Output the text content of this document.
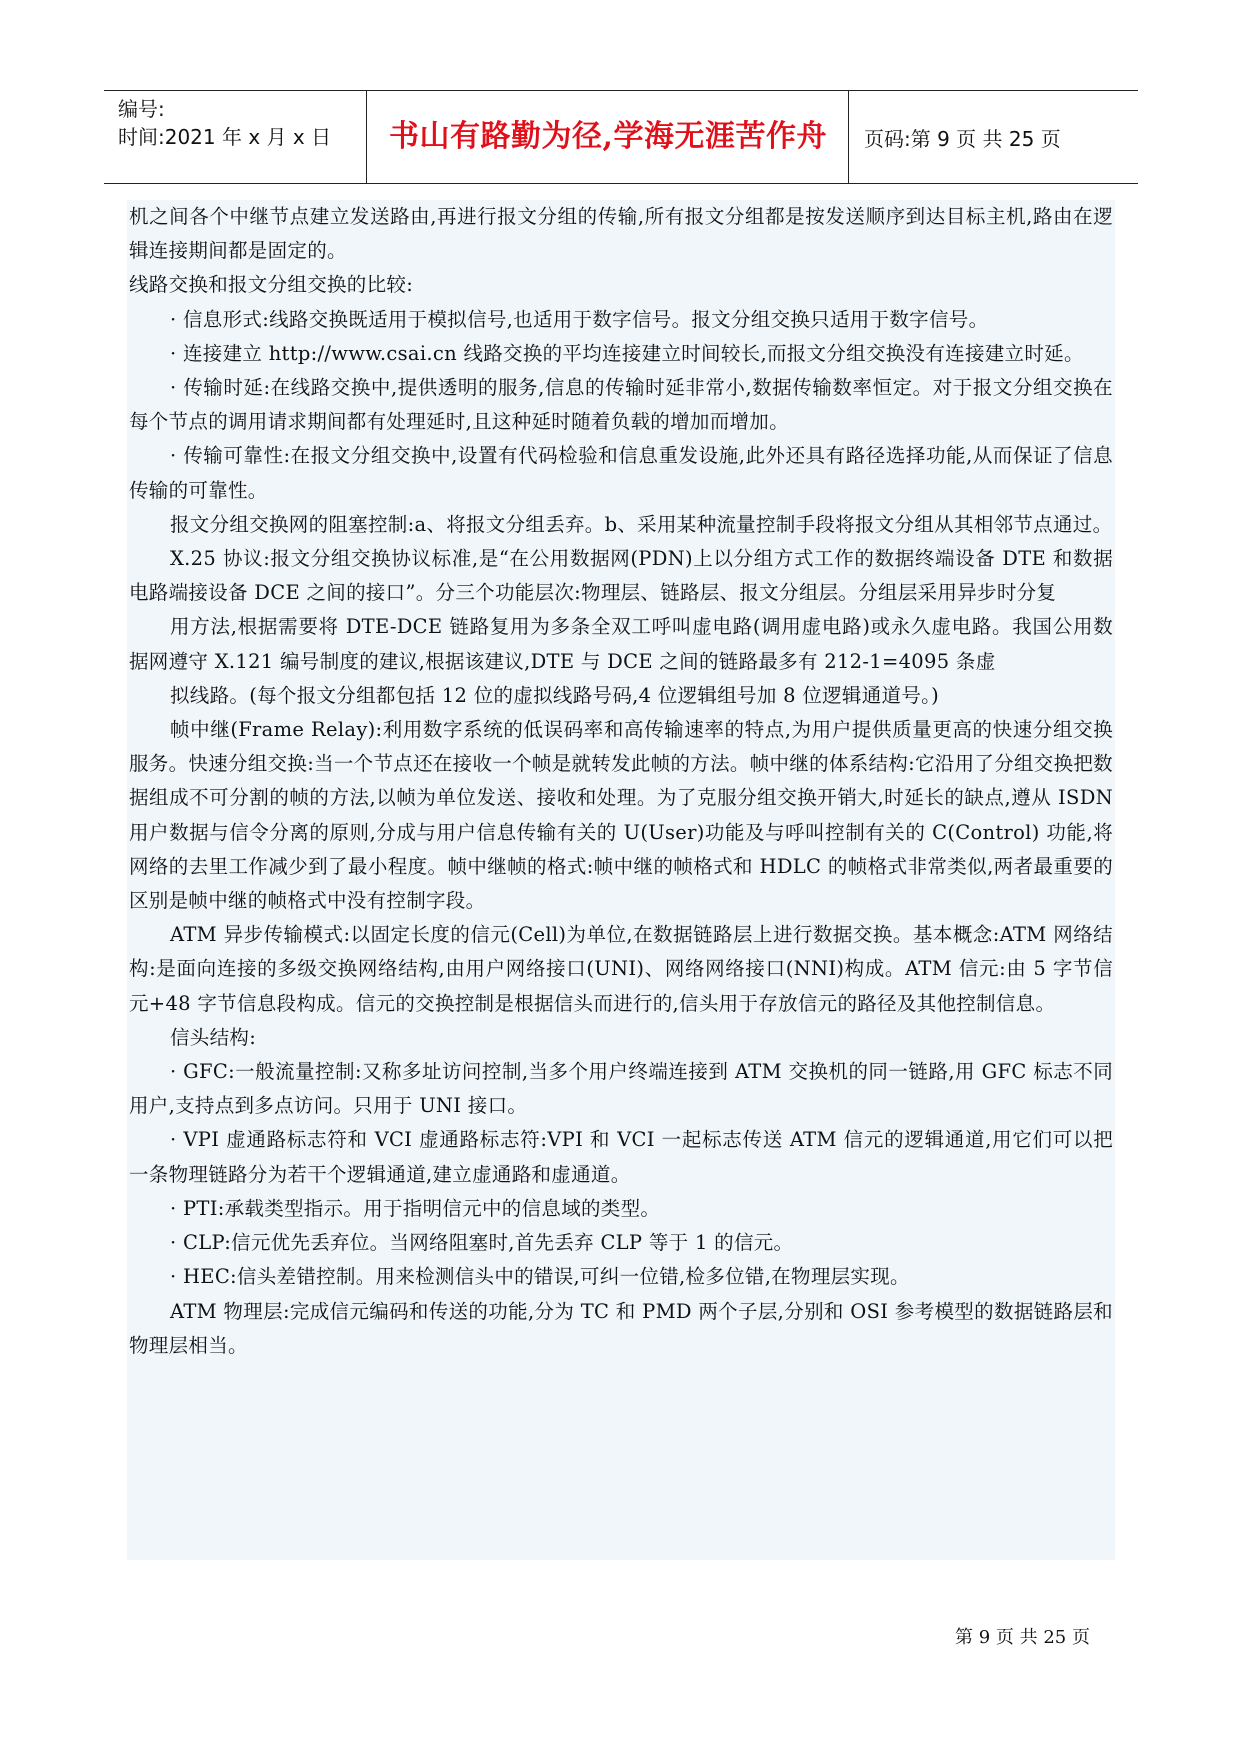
编号:
时间:2021 年 x 月 x 日	书山有路勤为径,学海无涯苦作舟	页码:第 9 页 共 25 页

机之间各个中继节点建立发送路由,再进行报文分组的传输,所有报文分组都是按发送顺序到达目标主机,路由在逻辑连接期间都是固定的。

线路交换和报文分组交换的比较:

· 信息形式:线路交换既适用于模拟信号,也适用于数字信号。报文分组交换只适用于数字信号。

· 连接建立 http://www.csai.cn 线路交换的平均连接建立时间较长,而报文分组交换没有连接建立时延。

· 传输时延:在线路交换中,提供透明的服务,信息的传输时延非常小,数据传输数率恒定。对于报文分组交换在每个节点的调用请求期间都有处理延时,且这种延时随着负载的增加而增加。

· 传输可靠性:在报文分组交换中,设置有代码检验和信息重发设施,此外还具有路径选择功能,从而保证了信息传输的可靠性。

报文分组交换网的阻塞控制:a、将报文分组丢弃。b、采用某种流量控制手段将报文分组从其相邻节点通过。

X.25 协议:报文分组交换协议标准,是“在公用数据网(PDN)上以分组方式工作的数据终端设备 DTE 和数据电路端接设备 DCE 之间的接口”。分三个功能层次:物理层、链路层、报文分组层。分组层采用异步时分复

用方法,根据需要将 DTE-DCE 链路复用为多条全双工呼叫虚电路(调用虚电路)或永久虚电路。我国公用数据网遵守 X.121 编号制度的建议,根据该建议,DTE 与 DCE 之间的链路最多有 212-1=4095 条虚

拟线路。(每个报文分组都包括 12 位的虚拟线路号码,4 位逻辑组号加 8 位逻辑通道号。)

帧中继(Frame Relay):利用数字系统的低误码率和高传输速率的特点,为用户提供质量更高的快速分组交换服务。快速分组交换:当一个节点还在接收一个帧是就转发此帧的方法。帧中继的体系结构:它沿用了分组交换把数据组成不可分割的帧的方法,以帧为单位发送、接收和处理。为了克服分组交换开销大,时延长的缺点,遵从 ISDN 用户数据与信令分离的原则,分成与用户信息传输有关的 U(User)功能及与呼叫控制有关的 C(Control) 功能,将网络的去里工作减少到了最小程度。帧中继帧的格式:帧中继的帧格式和 HDLC 的帧格式非常类似,两者最重要的区别是帧中继的帧格式中没有控制字段。

ATM 异步传输模式:以固定长度的信元(Cell)为单位,在数据链路层上进行数据交换。基本概念:ATM 网络结构:是面向连接的多级交换网络结构,由用户网络接口(UNI)、网络网络接口(NNI)构成。ATM 信元:由 5 字节信元+48 字节信息段构成。信元的交换控制是根据信头而进行的,信头用于存放信元的路径及其他控制信息。

信头结构:

· GFC:一般流量控制:又称多址访问控制,当多个用户终端连接到 ATM 交换机的同一链路,用 GFC 标志不同用户,支持点到多点访问。只用于 UNI 接口。

· VPI 虚通路标志符和 VCI 虚通路标志符:VPI 和 VCI 一起标志传送 ATM 信元的逻辑通道,用它们可以把一条物理链路分为若干个逻辑通道,建立虚通路和虚通道。

· PTI:承载类型指示。用于指明信元中的信息域的类型。

· CLP:信元优先丢弃位。当网络阻塞时,首先丢弃 CLP 等于 1 的信元。

· HEC:信头差错控制。用来检测信头中的错误,可纠一位错,检多位错,在物理层实现。

ATM 物理层:完成信元编码和传送的功能,分为 TC 和 PMD 两个子层,分别和 OSI 参考模型的数据链路层和物理层相当。

第 9 页 共 25 页
